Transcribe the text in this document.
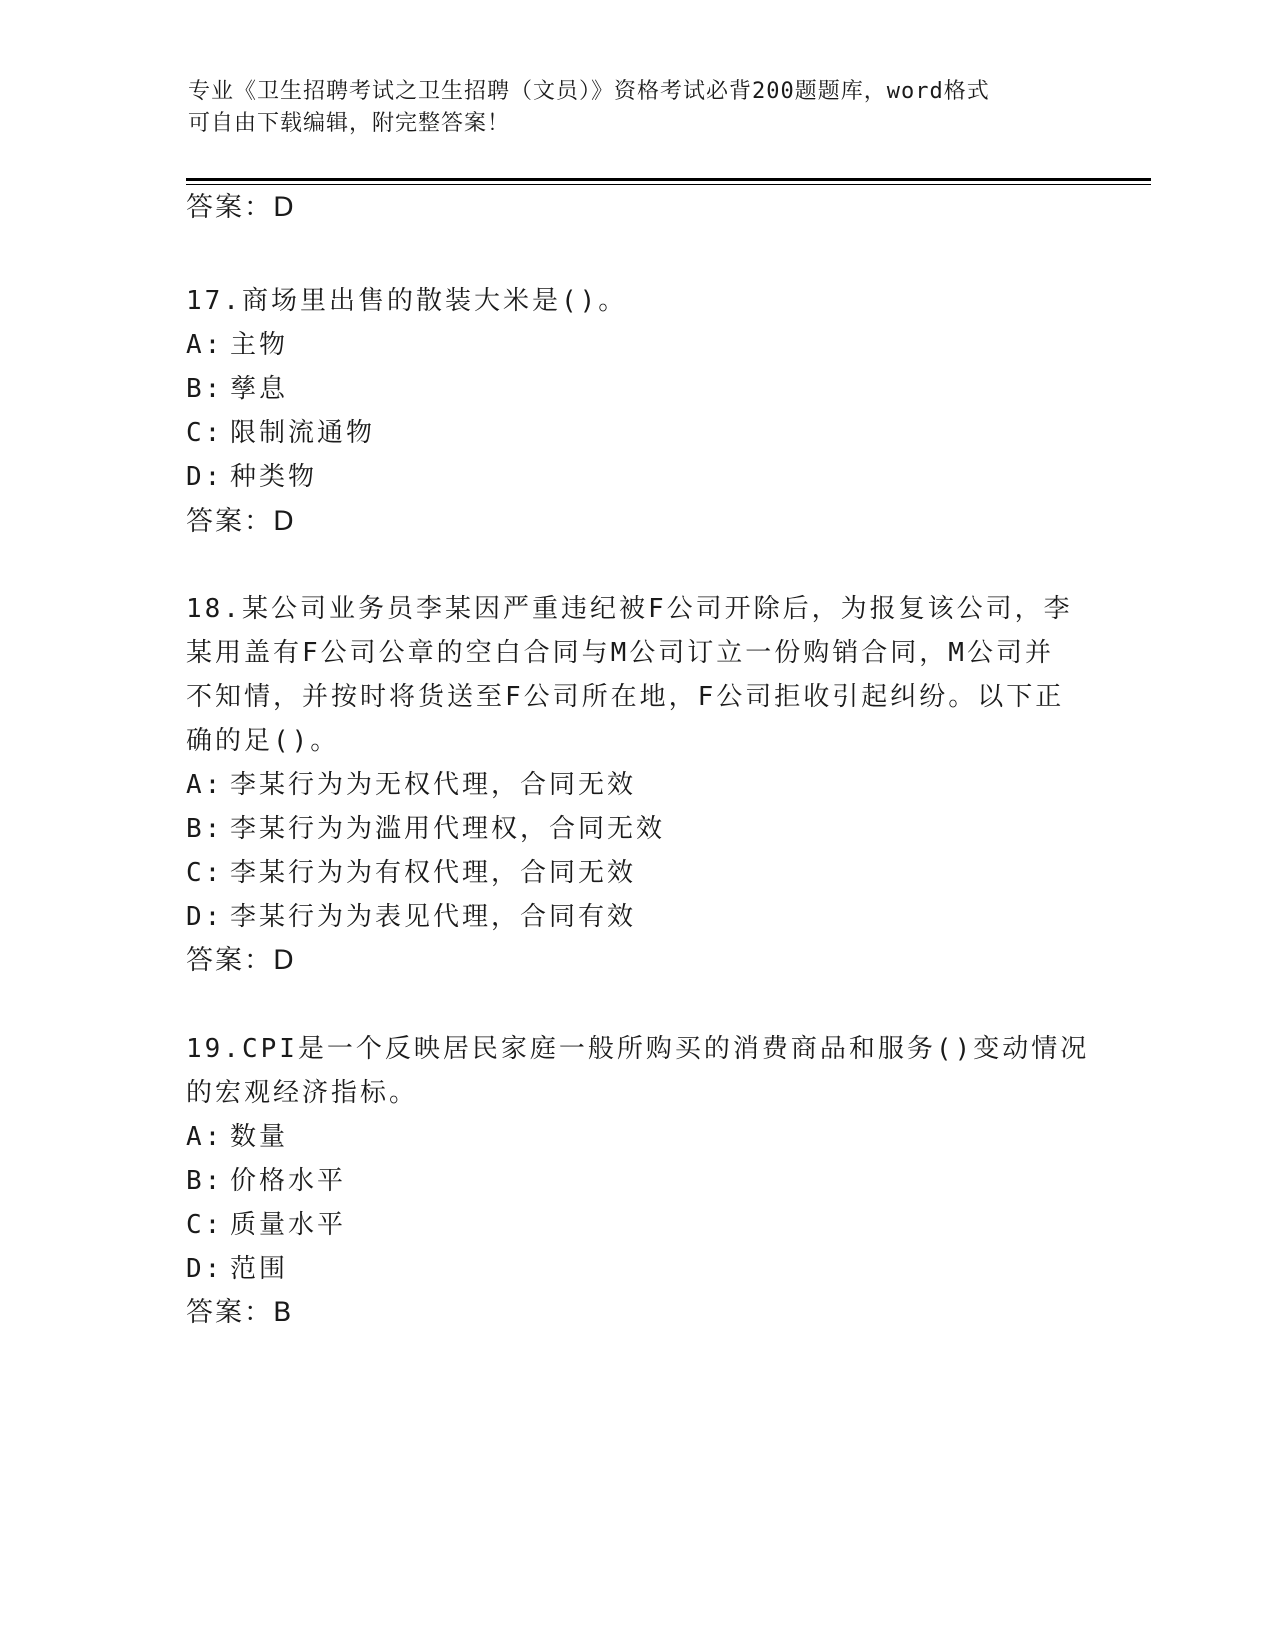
专业《卫生招聘考试之卫生招聘（文员）》资格考试必背200题题库，word格式
可自由下载编辑，附完整答案！
答案：D
17.商场里出售的散装大米是()。
A: 主物
B: 孳息
C: 限制流通物
D: 种类物
答案：D
18.某公司业务员李某因严重违纪被F公司开除后，为报复该公司，李
某用盖有F公司公章的空白合同与M公司订立一份购销合同，M公司并
不知情，并按时将货送至F公司所在地，F公司拒收引起纠纷。以下正
确的足()。
A: 李某行为为无权代理，合同无效
B: 李某行为为滥用代理权，合同无效
C: 李某行为为有权代理，合同无效
D: 李某行为为表见代理，合同有效
答案：D
19.CPI是一个反映居民家庭一般所购买的消费商品和服务()变动情况
的宏观经济指标。
A: 数量
B: 价格水平
C: 质量水平
D: 范围
答案：B
